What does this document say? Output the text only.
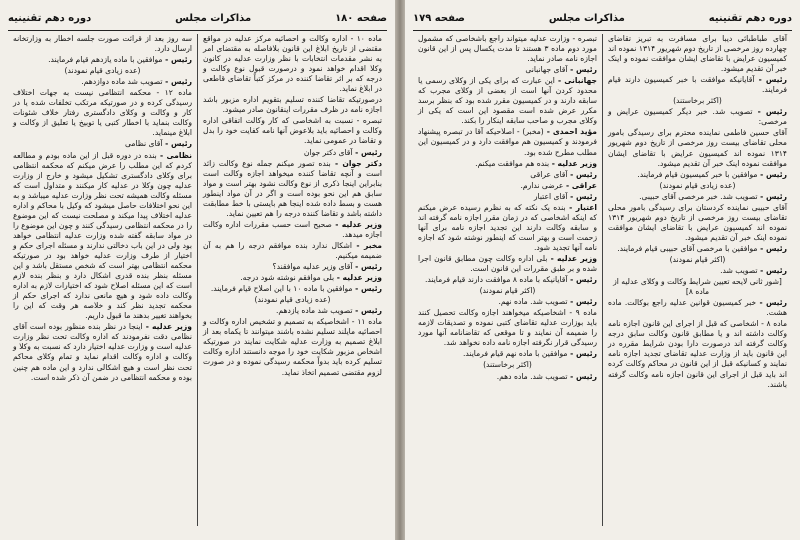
صفحه ۱۸۰
مذاکرات مجلس
دوره دهم تقنینیه

ماده ۱۰ - اداره وکالت و احصائیه مرکز عدلیه در مواقع مقتضی از تاریخ ابلاغ این قانون بلافاصله به مقتضای امر به نشر مقدمات انتخابات با نظر وزارت عدلیه در کانون وکلا اقدام خواهد نمود و درصورت قبول نوع وکالت و درجه که بر اثر تقاضا کننده در مرکز کتباً تقاضای قاطعی در ابلاغ نماید.

درصورتیکه تقاضا کننده تسلیم بتقویم اداره مزبور باشد اجازه نامه در ظرف مقررات اینقانون صادر میشود.

تبصره - نسبت به اشخاصی که کار وکالت اتفاقی اداره وکالت و احصائیه باید بلاعوض آنها نامه کفایت خود را بدل و تقاضا در عمومی نماید.

رئیس - آقای دکتر جوان

دکتر جوان - بنده تصور میکنم جمله نوع وکالت زائد است و آنچه تقاضا کننده میخواهد اجازه وکالت است بنابراین اینجا ذکری از نوع وکالت نشود بهتر است و مواد سابق هم این نحو بوده است و اگر در آن مواد اینطور هست و بسط داده شده اینجا هم بایستی با خط مطابقت داشته باشد و تقاضا کننده درجه را هم تعیین نماید.

وزیر عدلیه - صحیح است حسب مقررات اداره وکالت اجازه میدهد.

مخبر - اشکال ندارد بنده موافقم درجه را هم به آن ضمیمه میکنیم.

رئیس - آقای وزیر عدلیه موافقند؟

وزیر عدلیه - بلی موافقم نوشته شود درجه.

رئیس - موافقین با ماده ۱۰ با این اصلاح قیام فرمایند.

(عده زیادی قیام نمودند)

رئیس - تصویب شد ماده یازدهم.

ماده ۱۱ - اشخاصیکه به تصمیم و تشخیص اداره وکالت و احصائیه مایلند تسلیم نشده باشند میتوانند تا یکماه بعد از ابلاغ تصمیم به وزارت عدلیه شکایت نمایند در صورتیکه اشخاص مزبور شکایت خود را موجه دانستند اداره وکالت تسلیم کرده باید بدواً محکمه رسیدگی نموده و در صورت لزوم مقتضی تصمیم اتخاذ نماید.

سه روز بعد از قرائت صورت جلسه اخطار به وزارتخانه ارسال دارد.

رئیس - موافقین با ماده یازدهم قیام فرمایند.

(عده زیادی قیام نمودند)

رئیس - تصویب شد ماده دوازدهم.

ماده ۱۲ - محکمه انتظامی نیست به جهات اختلاف رسیدگی کرده و در صورتیکه مرتکب تخلفات شده یا در کار و وکالت و وکلای دادگستری رفتار خلاف شئونات وکالت بنماید با اخطار کتبی یا توبیخ یا تعلیق از وکالت و ابلاغ مینماید.

رئیس - آقای نظامی

نظامی - بنده در دوره قبل از این ماده بودم و مطالعه کردم که این مطلب را عرض میکنم که محکمه انتظامی برای وکلای دادگستری تشکیل میشود و خارج از وزارت عدلیه چون وکلا در عدلیه کار میکنند و متداول است که مسئله وکالت همیشه تحت نظر وزارت عدلیه میباشد و به این نحو اختلافات حاصل میشود که وکیل با محاکم و اداره عدلیه اختلاف پیدا میکند و مصلحت نیست که این موضوع را در محکمه انتظامی رسیدگی کنند و چون این موضوع را در مواد سابقه گفته شده وزارت عدلیه انتظامی خواهد بود ولی در این باب دخالتی ندارند و مسئله اجرای حکم و اختیار از طرف وزارت عدلیه خواهد بود در صورتیکه محکمه انتظامی بهتر است که شخص مستقل باشد و این مسئله بنظر بنده قدری اشکال دارد و بنظر بنده لازم است که این مسئله اصلاح شود که اختیارات لازم به اداره وکالت داده شود و هیچ مانعی ندارد که اجرای حکم از محکمه تجدید نظر کند و خلاصه هر وقت که این را بخواهند تغییر بدهند ما قبول داریم.

وزیر عدلیه - اینجا در نظر بنده منظور بوده است آقای نظامی دقت نفرمودند که اداره وکالت تحت نظر وزارت عدلیه است و وزارت عدلیه اختیار دارد که نسبت به وکلا و وکالت و اداره وکالت اقدام نماید و تمام وکلای محاکم تحت نظر است و هیچ اشکالی ندارد و این ماده هم چنین بوده و محکمه انتظامی در ضمن آن ذکر شده است.

دوره دهم تقنینیه
مذاکرات مجلس
صفحه ۱۷۹

آقای طباطبائی دیبا برای مسافرت به تبریز تقاضای چهارده روز مرخصی از تاریخ دوم شهریور ۱۳۱۴ نموده اند کمیسیون عرایض با تقاضای ایشان موافقت نموده و اینک خبر آن تقدیم میشود.

رئیس - آقایانیکه موافقت با خبر کمیسیون دارند قیام فرمایند.

(اکثر برخاستند)

رئیس - تصویب شد. خبر دیگر کمیسیون عرایض و مرخصی:

آقای حسین فاطمی نماینده محترم برای رسیدگی بامور محلی تقاضای بیست روز مرخصی از تاریخ دوم شهریور ۱۳۱۴ نموده اند کمیسیون عرایض با تقاضای ایشان موافقت نموده اینک خبر آن تقدیم میشود.

رئیس - موافقین با خبر کمیسیون قیام فرمایند.

(عده زیادی قیام نمودند)

رئیس - تصویب شد. خبر مرخصی آقای حبیبی.

آقای حبیبی نماینده کردستان برای رسیدگی بامور محلی تقاضای بیست روز مرخصی از تاریخ دوم شهریور ۱۳۱۴ نموده اند کمیسیون عرایض با تقاضای ایشان موافقت نموده اینک خبر آن تقدیم میشود.

رئیس - موافقین با مرخصی آقای حبیبی قیام فرمایند.

(اکثر قیام نمودند)

رئیس - تصویب شد.

[شور ثانی لایحه تعیین شرایط وکالت و وکلای عدلیه از ماده ۸]

رئیس - خبر کمیسیون قوانین عدلیه راجع بوکالت. ماده هشت.

ماده ۸ - اشخاصی که قبل از اجرای این قانون اجازه نامه وکالت داشته اند و یا مطابق قانون وکالت سابق درجه وکالت گرفته اند درصورت دارا بودن شرایط مقرره در این قانون باید از وزارت عدلیه تقاضای تجدید اجازه نامه نمایند و کسانیکه قبل از این قانون در محاکم وکالت کرده اند باید قبل از اجرای این قانون اجازه نامه وکالت گرفته باشند.

تبصره - وزارت عدلیه میتواند راجع باشخاصی که مشمول مورد دوم ماده ۳ هستند تا مدت یکسال پس از این قانون اجازه نامه صادر نماید.

رئیس - آقای جهانبانی

جهانبانی - این عبارت که برای یکی از وکلای رسمی یا محدود کردن آنها است از بعضی از وکلای مجرب که سابقه دارند و در کمیسیون مقرر شده بود که بنظر برسد مکرر عرض شده است مقصود این است که یکی از وکلای مجرب و صاحب سابقه اینکار را بکند.

مؤید احمدی - (مخبر) - اصلاحیکه آقا در تبصره پیشنهاد فرمودند و کمیسیون هم موافقت دارد و در کمیسیون این مطلب مطرح شده بود.

وزیر عدلیه - بنده هم موافقت میکنم.

رئیس - آقای عراقی

عراقی - عرضی ندارم.

رئیس - آقای اعتبار

اعتبار - بنده یک نکته که به نظرم رسیده عرض میکنم که اینکه اشخاصی که در زمان مقرر اجازه نامه گرفته اند و سابقه وکالت دارند این تجدید اجازه نامه برای آنها زحمت است و بهتر است که اینطور نوشته شود که اجازه نامه آنها تجدید شود.

وزیر عدلیه - بلی اداره وکالت چون مطابق قانون اجرا شده و بر طبق مقررات این قانون است.

رئیس - آقایانیکه با ماده ۸ موافقت دارند قیام فرمایند.

(اکثر قیام نمودند)

رئیس - تصویب شد. ماده نهم.

ماده ۹ - اشخاصیکه میخواهند اجازه وکالت تحصیل کنند باید بوزارت عدلیه تقاضای کتبی نموده و تصدیقات لازمه را ضمیمه آن نمایند و تا موقعی که تقاضانامه آنها مورد رسیدگی قرار نگرفته اجازه نامه داده نخواهد شد.

رئیس - موافقین با ماده نهم قیام فرمایند.

(اکثر برخاستند)

رئیس - تصویب شد. ماده دهم.
